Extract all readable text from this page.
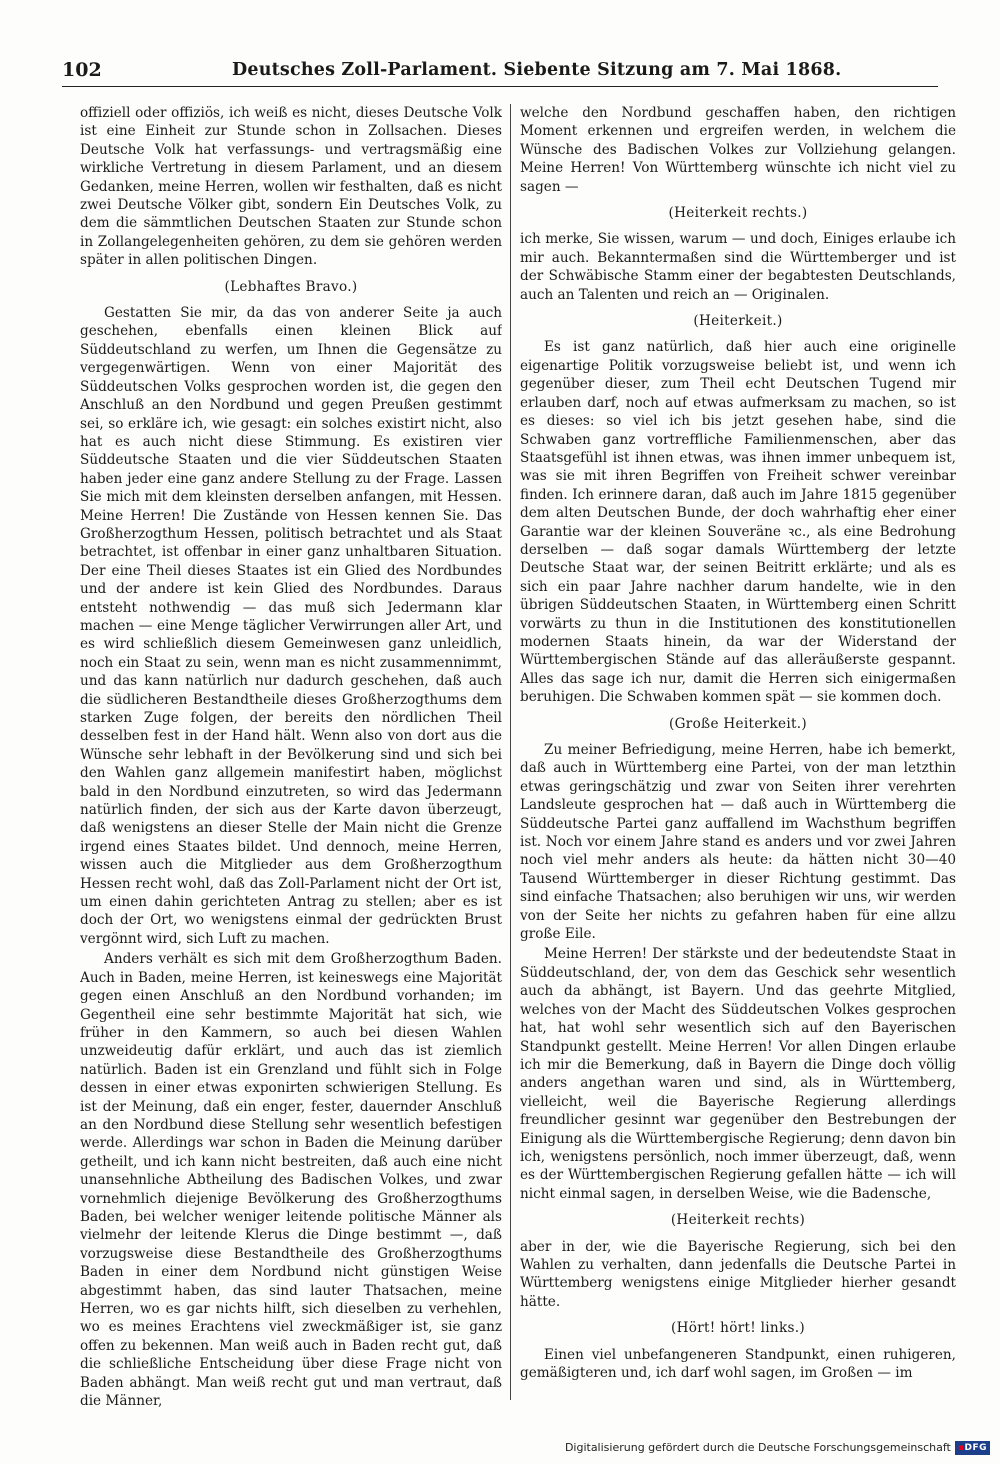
102	Deutsches Zoll-Parlament. Siebente Sitzung am 7. Mai 1868.

offiziell oder offiziös, ich weiß es nicht, dieses Deutsche Volk ist eine Einheit zur Stunde schon in Zollsachen. Dieses Deutsche Volk hat verfassungs- und vertragsmäßig eine wirkliche Vertretung in diesem Parlament, und an diesem Gedanken, meine Herren, wollen wir festhalten, daß es nicht zwei Deutsche Völker gibt, sondern Ein Deutsches Volk, zu dem die sämmtlichen Deutschen Staaten zur Stunde schon in Zollangelegenheiten gehören, zu dem sie gehören werden später in allen politischen Dingen.

(Lebhaftes Bravo.)

Gestatten Sie mir, da das von anderer Seite ja auch geschehen, ebenfalls einen kleinen Blick auf Süddeutschland zu werfen, um Ihnen die Gegensätze zu vergegenwärtigen. Wenn von einer Majorität des Süddeutschen Volks gesprochen worden ist, die gegen den Anschluß an den Nordbund und gegen Preußen gestimmt sei, so erkläre ich, wie gesagt: ein solches existirt nicht, also hat es auch nicht diese Stimmung. Es existiren vier Süddeutsche Staaten und die vier Süddeutschen Staaten haben jeder eine ganz andere Stellung zu der Frage. Lassen Sie mich mit dem kleinsten derselben anfangen, mit Hessen. Meine Herren! Die Zustände von Hessen kennen Sie. Das Großherzogthum Hessen, politisch betrachtet und als Staat betrachtet, ist offenbar in einer ganz unhaltbaren Situation. Der eine Theil dieses Staates ist ein Glied des Nordbundes und der andere ist kein Glied des Nordbundes. Daraus entsteht nothwendig — das muß sich Jedermann klar machen — eine Menge täglicher Verwirrungen aller Art, und es wird schließlich diesem Gemeinwesen ganz unleidlich, noch ein Staat zu sein, wenn man es nicht zusammennimmt, und das kann natürlich nur dadurch geschehen, daß auch die südlicheren Bestandtheile dieses Großherzogthums dem starken Zuge folgen, der bereits den nördlichen Theil desselben fest in der Hand hält. Wenn also von dort aus die Wünsche sehr lebhaft in der Bevölkerung sind und sich bei den Wahlen ganz allgemein manifestirt haben, möglichst bald in den Nordbund einzutreten, so wird das Jedermann natürlich finden, der sich aus der Karte davon überzeugt, daß wenigstens an dieser Stelle der Main nicht die Grenze irgend eines Staates bildet. Und dennoch, meine Herren, wissen auch die Mitglieder aus dem Großherzogthum Hessen recht wohl, daß das Zoll-Parlament nicht der Ort ist, um einen dahin gerichteten Antrag zu stellen; aber es ist doch der Ort, wo wenigstens einmal der gedrückten Brust vergönnt wird, sich Luft zu machen.

Anders verhält es sich mit dem Großherzogthum Baden. Auch in Baden, meine Herren, ist keineswegs eine Majorität gegen einen Anschluß an den Nordbund vorhanden; im Gegentheil eine sehr bestimmte Majorität hat sich, wie früher in den Kammern, so auch bei diesen Wahlen unzweideutig dafür erklärt, und auch das ist ziemlich natürlich. Baden ist ein Grenzland und fühlt sich in Folge dessen in einer etwas exponirten schwierigen Stellung. Es ist der Meinung, daß ein enger, fester, dauernder Anschluß an den Nordbund diese Stellung sehr wesentlich befestigen werde. Allerdings war schon in Baden die Meinung darüber getheilt, und ich kann nicht bestreiten, daß auch eine nicht unansehnliche Abtheilung des Badischen Volkes, und zwar vornehmlich diejenige Bevölkerung des Großherzogthums Baden, bei welcher weniger leitende politische Männer als vielmehr der leitende Klerus die Dinge bestimmt —, daß vorzugsweise diese Bestandtheile des Großherzogthums Baden in einer dem Nordbund nicht günstigen Weise abgestimmt haben, das sind lauter Thatsachen, meine Herren, wo es gar nichts hilft, sich dieselben zu verhehlen, wo es meines Erachtens viel zweckmäßiger ist, sie ganz offen zu bekennen. Man weiß auch in Baden recht gut, daß die schließliche Entscheidung über diese Frage nicht von Baden abhängt. Man weiß recht gut und man vertraut, daß die Männer,

welche den Nordbund geschaffen haben, den richtigen Moment erkennen und ergreifen werden, in welchem die Wünsche des Badischen Volkes zur Vollziehung gelangen. Meine Herren! Von Württemberg wünschte ich nicht viel zu sagen —

(Heiterkeit rechts.)

ich merke, Sie wissen, warum — und doch, Einiges erlaube ich mir auch. Bekanntermaßen sind die Württemberger und ist der Schwäbische Stamm einer der begabtesten Deutschlands, auch an Talenten und reich an — Originalen.

(Heiterkeit.)

Es ist ganz natürlich, daß hier auch eine originelle eigenartige Politik vorzugsweise beliebt ist, und wenn ich gegenüber dieser, zum Theil echt Deutschen Tugend mir erlauben darf, noch auf etwas aufmerksam zu machen, so ist es dieses: so viel ich bis jetzt gesehen habe, sind die Schwaben ganz vortreffliche Familienmenschen, aber das Staatsgefühl ist ihnen etwas, was ihnen immer unbequem ist, was sie mit ihren Begriffen von Freiheit schwer vereinbar finden. Ich erinnere daran, daß auch im Jahre 1815 gegenüber dem alten Deutschen Bunde, der doch wahrhaftig eher einer Garantie war der kleinen Souveräne ꝛc., als eine Bedrohung derselben — daß sogar damals Württemberg der letzte Deutsche Staat war, der seinen Beitritt erklärte; und als es sich ein paar Jahre nachher darum handelte, wie in den übrigen Süddeutschen Staaten, in Württemberg einen Schritt vorwärts zu thun in die Institutionen des konstitutionellen modernen Staats hinein, da war der Widerstand der Württembergischen Stände auf das alleräußerste gespannt. Alles das sage ich nur, damit die Herren sich einigermaßen beruhigen. Die Schwaben kommen spät — sie kommen doch.

(Große Heiterkeit.)

Zu meiner Befriedigung, meine Herren, habe ich bemerkt, daß auch in Württemberg eine Partei, von der man letzthin etwas geringschätzig und zwar von Seiten ihrer verehrten Landsleute gesprochen hat — daß auch in Württemberg die Süddeutsche Partei ganz auffallend im Wachsthum begriffen ist. Noch vor einem Jahre stand es anders und vor zwei Jahren noch viel mehr anders als heute: da hätten nicht 30—40 Tausend Württemberger in dieser Richtung gestimmt. Das sind einfache Thatsachen; also beruhigen wir uns, wir werden von der Seite her nichts zu gefahren haben für eine allzu große Eile.

Meine Herren! Der stärkste und der bedeutendste Staat in Süddeutschland, der, von dem das Geschick sehr wesentlich auch da abhängt, ist Bayern. Und das geehrte Mitglied, welches von der Macht des Süddeutschen Volkes gesprochen hat, hat wohl sehr wesentlich sich auf den Bayerischen Standpunkt gestellt. Meine Herren! Vor allen Dingen erlaube ich mir die Bemerkung, daß in Bayern die Dinge doch völlig anders angethan waren und sind, als in Württemberg, vielleicht, weil die Bayerische Regierung allerdings freundlicher gesinnt war gegenüber den Bestrebungen der Einigung als die Württembergische Regierung; denn davon bin ich, wenigstens persönlich, noch immer überzeugt, daß, wenn es der Württembergischen Regierung gefallen hätte — ich will nicht einmal sagen, in derselben Weise, wie die Badensche,

(Heiterkeit rechts)

aber in der, wie die Bayerische Regierung, sich bei den Wahlen zu verhalten, dann jedenfalls die Deutsche Partei in Württemberg wenigstens einige Mitglieder hierher gesandt hätte.

(Hört! hört! links.)

Einen viel unbefangeneren Standpunkt, einen ruhigeren, gemäßigteren und, ich darf wohl sagen, im Großen — im

Digitalisierung gefördert durch die Deutsche Forschungsgemeinschaft ▪DFG
